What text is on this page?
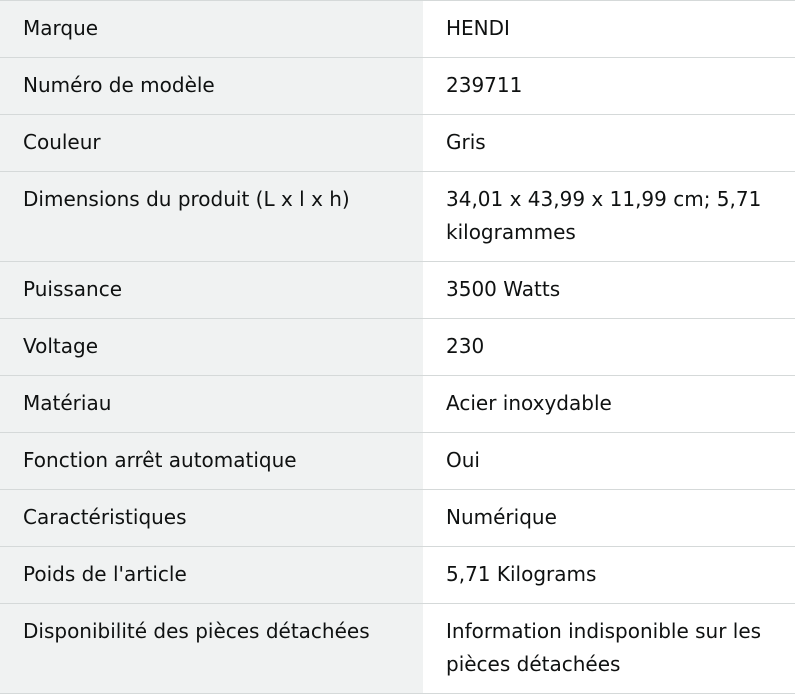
Marque	HENDI
Numéro de modèle	239711
Couleur	Gris
Dimensions du produit (L x l x h)	34,01 x 43,99 x 11,99 cm; 5,71 kilogrammes
Puissance	3500 Watts
Voltage	230
Matériau	Acier inoxydable
Fonction arrêt automatique	Oui
Caractéristiques	Numérique
Poids de l'article	5,71 Kilograms
Disponibilité des pièces détachées	Information indisponible sur les pièces détachées
